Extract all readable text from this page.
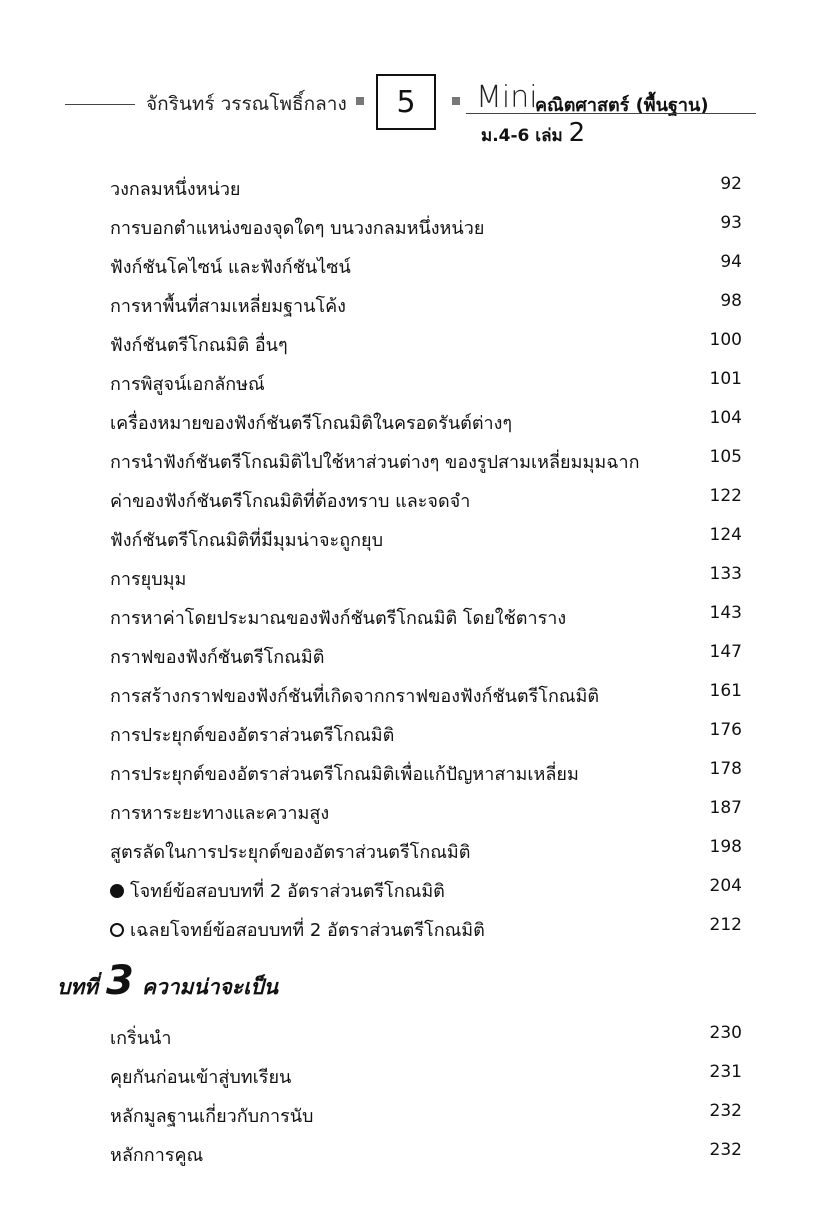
จักรินทร์ วรรณโพธิ์กลาง 5 Mini
คณิตศาสตร์ (พื้นฐาน)
ม.4-6 เล่ม 2
วงกลมหนึ่งหน่วย	92
การบอกตำแหน่งของจุดใดๆ บนวงกลมหนึ่งหน่วย	93
ฟังก์ชันโคไซน์ และฟังก์ชันไซน์	94
การหาพื้นที่สามเหลี่ยมฐานโค้ง	98
ฟังก์ชันตรีโกณมิติ อื่นๆ	100
การพิสูจน์เอกลักษณ์	101
เครื่องหมายของฟังก์ชันตรีโกณมิติในครอดรันต์ต่างๆ	104
การนำฟังก์ชันตรีโกณมิติไปใช้หาส่วนต่างๆ ของรูปสามเหลี่ยมมุมฉาก	105
ค่าของฟังก์ชันตรีโกณมิติที่ต้องทราบ และจดจำ	122
ฟังก์ชันตรีโกณมิติที่มีมุมน่าจะถูกยุบ	124
การยุบมุม	133
การหาค่าโดยประมาณของฟังก์ชันตรีโกณมิติ โดยใช้ตาราง	143
กราฟของฟังก์ชันตรีโกณมิติ	147
การสร้างกราฟของฟังก์ชันที่เกิดจากกราฟของฟังก์ชันตรีโกณมิติ	161
การประยุกต์ของอัตราส่วนตรีโกณมิติ	176
การประยุกต์ของอัตราส่วนตรีโกณมิติเพื่อแก้ปัญหาสามเหลี่ยม	178
การหาระยะทางและความสูง	187
สูตรลัดในการประยุกต์ของอัตราส่วนตรีโกณมิติ	198
โจทย์ข้อสอบบทที่ 2 อัตราส่วนตรีโกณมิติ	204
เฉลยโจทย์ข้อสอบบทที่ 2 อัตราส่วนตรีโกณมิติ	212
บทที่ 3 ความน่าจะเป็น
เกริ่นนำ	230
คุยกันก่อนเข้าสู่บทเรียน	231
หลักมูลฐานเกี่ยวกับการนับ	232
หลักการคูณ	232
